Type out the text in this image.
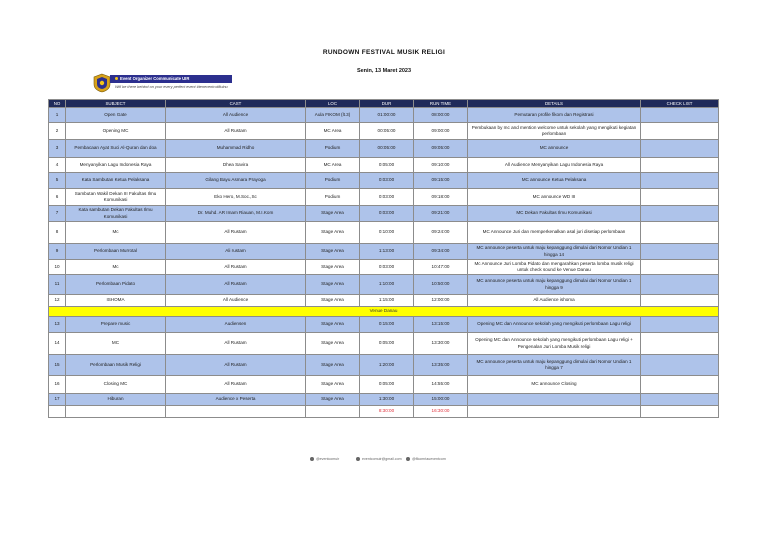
RUNDOWN FESTIVAL MUSIK RELIGI
Senin, 13 Maret 2023
Event Organizer Communicate UIR
Will be there behind on your every perfect event #teneventrutifiulnu
NO	SUBJECT	CAST	LOC	DUR	RUN TIME	DETAILS	CHECK LIST
1	Open Gate	All Audience	Aula FIKOM (lt.3)	01:00:00	08:00:00	Pemutaran profile fikom dan Registrasi	
2	Opening MC	All Rustam	MC Area	00:05:00	09:00:00	Pembukaan by mc and mention welcome untuk sekolah yang mengikuti kegiatan perlombaan	
3	Pembacaan Ayat Suci Al-Quran dan doa	Muhammad Ridho	Podium	00:05:00	09:05:00	MC announce	
4	Menyanyikan Lagu Indonesia Raya	Dhea Savira	MC Area	0:05:00	09:10:00	All Audience Menyanyikan Lagu Indonesia Raya	
5	Kata Sambutan Ketua Pelaksana	Gilang Bayu Asmara Prayoga	Podium	0:03:00	09:15:00	MC announce Ketua Pelaksana	
6	Sambutan Wakil Dekan III Fakultas Ilmu Komunikasi	Eko Hero, M.Soc.,Sc	Podium	0:03:00	09:18:00	MC announce WD III	
7	Kata sambutan Dekan Fakultas Ilmu Komunikasi	Dr. Muhd. AR Imam Riauan, M.I.Kom	Stage Area	0:03:00	09:21:00	MC Dekan Fakultas Ilmu Komunikasi	
8	Mc	All Rustam	Stage Area	0:10:00	09:24:00	MC Announce Juri dan memperkenalkan asal juri disetiap perlombaan	
9	Perlombaan Murrotal	Ali rustam	Stage Area	1:13:00	09:34:00	MC announce peserta untuk maju kepanggung dimulai dari Nomor Undian 1 hingga 14	
10	Mc	All Rustam	Stage Area	0:03:00	10:47:00	Mc Announce Juri Lomba Pidato dan mengarahkan peserta lomba musik religi untuk check sound ke Venue Danau	
11	Perlombaan Pidato	All Rustam	Stage Area	1:10:00	10:50:00	MC announce peserta untuk maju kepanggung dimulai dari Nomor Undian 1 hingga 9	
12	ISHOMA	All Audience	Stage Area	1:15:00	12:00:00	All Audience ishoma	
Venue Danau							
13	Prepare music	Audiensen	Stage Area	0:15:00	13:15:00	Opening MC dan Announce sekolah yang mengikuti perlombaan Lagu religi	
14	MC	All Rustam	Stage Area	0:05:00	13:30:00	Opening MC dan Announce sekolah yang mengikuti perlombaan Lagu religi + Pengenalan Juri Lomba Musik religi	
15	Perlombaan Musik Religi	All Rustam	Stage Area	1:20:00	13:35:00	MC announce peserta untuk maju kepanggung dimulai dari Nomor Undian 1 hingga 7	
16	Closing MC	All Rustam	Stage Area	0:05:00	14:55:00	MC announce Closing	
17	Hiburan	Audience x Peserta	Stage Area	1:30:00	15:00:00		
				8:30:00	16:30:00		
@eventcomuir	eventcomuir@gmail.com	@fikomriaueventcom
